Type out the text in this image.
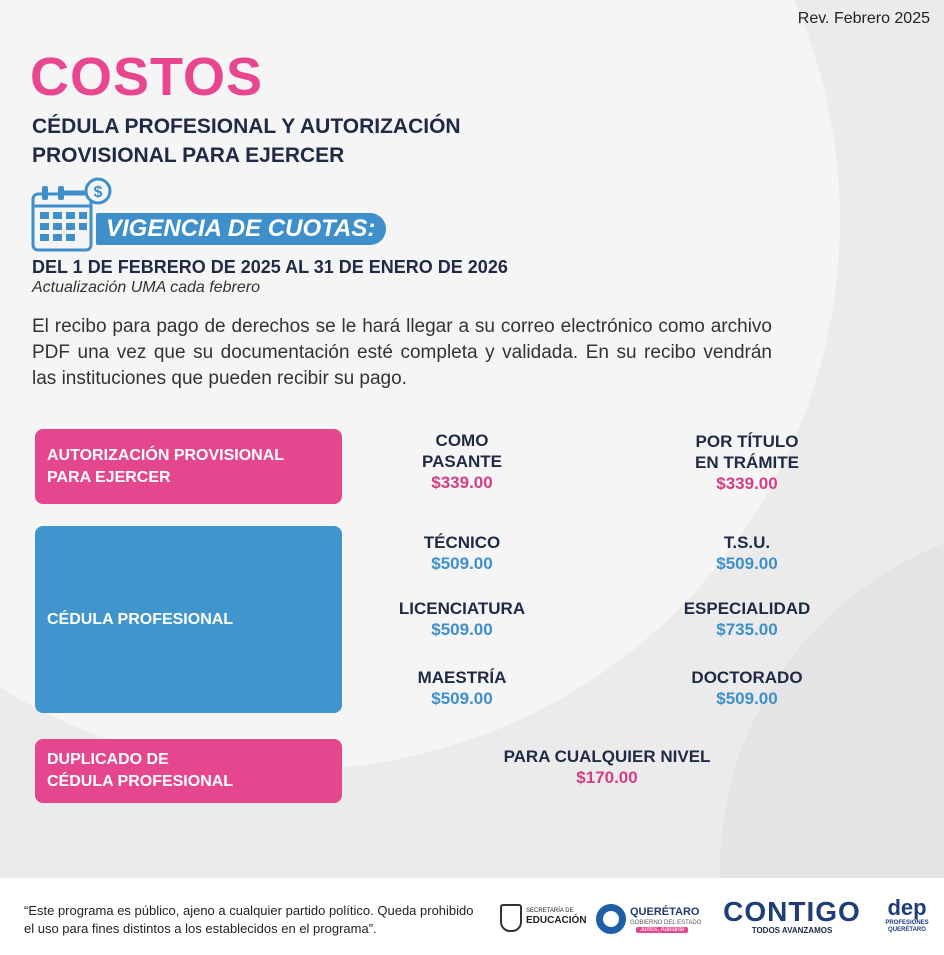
Rev. Febrero 2025
COSTOS
CÉDULA PROFESIONAL Y AUTORIZACIÓN
PROVISIONAL PARA EJERCER
$
VIGENCIA DE CUOTAS:
DEL 1 DE FEBRERO DE 2025 AL 31 DE ENERO DE 2026
Actualización UMA cada febrero
El recibo para pago de derechos se le hará llegar a su correo electrónico como archivo PDF una vez que su documentación esté completa y validada. En su recibo vendrán las instituciones que pueden recibir su pago.
AUTORIZACIÓN PROVISIONAL
PARA EJERCER
COMO
PASANTE
$339.00
POR TÍTULO
EN TRÁMITE
$339.00
CÉDULA PROFESIONAL
TÉCNICO
$509.00
T.S.U.
$509.00
LICENCIATURA
$509.00
ESPECIALIDAD
$735.00
MAESTRÍA
$509.00
DOCTORADO
$509.00
DUPLICADO DE
CÉDULA PROFESIONAL
PARA CUALQUIER NIVEL
$170.00
“Este programa es público, ajeno a cualquier partido político. Queda prohibido el uso para fines distintos a los establecidos en el programa”.
SECRETARÍA DE
EDUCACIÓN
QUERÉTARO
GOBIERNO DEL ESTADO
Juntos, Adelante
CONTIGO
TODOS AVANZAMOS
dep
PROFESIONES
QUERÉTARO
